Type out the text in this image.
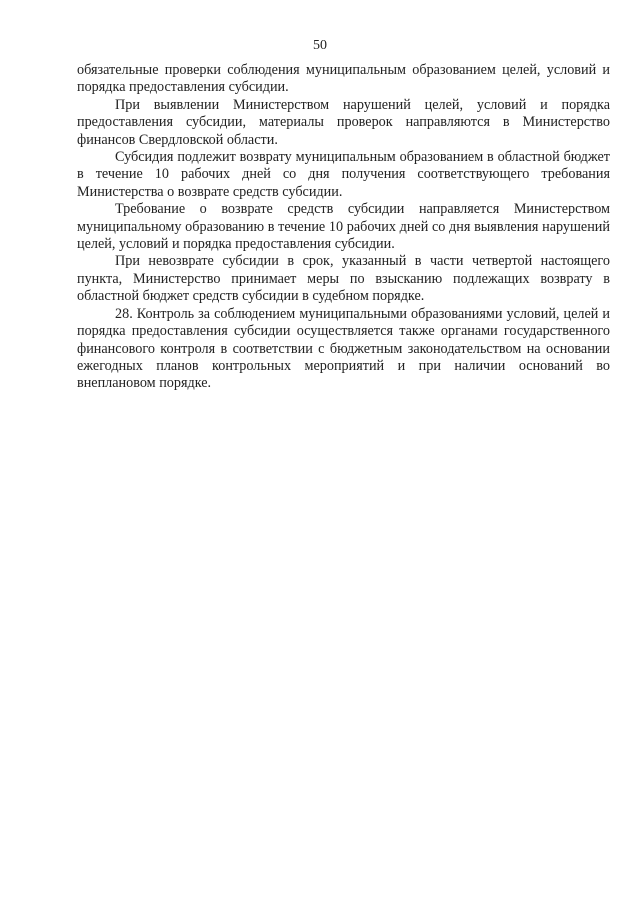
50

обязательные проверки соблюдения муниципальным образованием целей, условий и порядка предоставления субсидии.

При выявлении Министерством нарушений целей, условий и порядка предоставления субсидии, материалы проверок направляются в Министерство финансов Свердловской области.

Субсидия подлежит возврату муниципальным образованием в областной бюджет в течение 10 рабочих дней со дня получения соответствующего требования Министерства о возврате средств субсидии.

Требование о возврате средств субсидии направляется Министерством муниципальному образованию в течение 10 рабочих дней со дня выявления нарушений целей, условий и порядка предоставления субсидии.

При невозврате субсидии в срок, указанный в части четвертой настоящего пункта, Министерство принимает меры по взысканию подлежащих возврату в областной бюджет средств субсидии в судебном порядке.

28. Контроль за соблюдением муниципальными образованиями условий, целей и порядка предоставления субсидии осуществляется также органами государственного финансового контроля в соответствии с бюджетным законодательством на основании ежегодных планов контрольных мероприятий и при наличии оснований во внеплановом порядке.
